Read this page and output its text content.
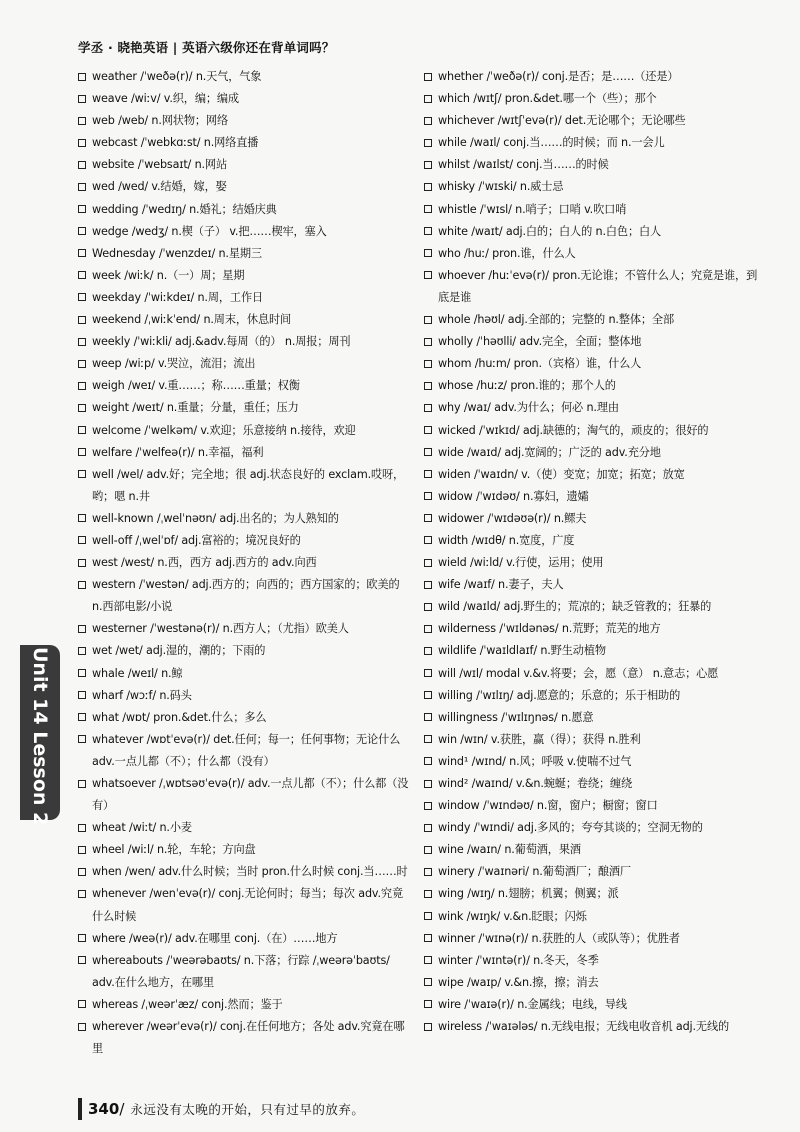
学丞 · 晓艳英语 | 英语六级你还在背单词吗？
weather /ˈweðə(r)/ n.天气，气象
weave /wiːv/ v.织，编；编成
web /web/ n.网状物；网络
webcast /ˈwebkɑːst/ n.网络直播
website /ˈwebsaɪt/ n.网站
wed /wed/ v.结婚，嫁，娶
wedding /ˈwedɪŋ/ n.婚礼；结婚庆典
wedge /wedʒ/ n.楔（子） v.把……楔牢，塞入
Wednesday /ˈwenzdeɪ/ n.星期三
week /wiːk/ n.（一）周；星期
weekday /ˈwiːkdeɪ/ n.周，工作日
weekend /ˌwiːkˈend/ n.周末，休息时间
weekly /ˈwiːkli/ adj.&adv.每周（的） n.周报；周刊
weep /wiːp/ v.哭泣，流泪；流出
weigh /weɪ/ v.重……；称……重量；权衡
weight /weɪt/ n.重量；分量，重任；压力
welcome /ˈwelkəm/ v.欢迎；乐意接纳 n.接待，欢迎
welfare /ˈwelfeə(r)/ n.幸福，福利
well /wel/ adv.好；完全地；很 adj.状态良好的 exclam.哎呀，哟；嗯 n.井
well-known /ˌwelˈnəʊn/ adj.出名的；为人熟知的
well-off /ˌwelˈɒf/ adj.富裕的；境况良好的
west /west/ n.西，西方 adj.西方的 adv.向西
western /ˈwestən/ adj.西方的；向西的；西方国家的；欧美的 n.西部电影/小说
westerner /ˈwestənə(r)/ n.西方人；（尤指）欧美人
wet /wet/ adj.湿的，潮的；下雨的
whale /weɪl/ n.鲸
wharf /wɔːf/ n.码头
what /wɒt/ pron.&det.什么；多么
whatever /wɒtˈevə(r)/ det.任何；每一；任何事物；无论什么 adv.一点儿都（不）；什么都（没有）
whatsoever /ˌwɒtsəʊˈevə(r)/ adv.一点儿都（不）；什么都（没有）
wheat /wiːt/ n.小麦
wheel /wiːl/ n.轮，车轮；方向盘
when /wen/ adv.什么时候；当时 pron.什么时候 conj.当……时
whenever /wenˈevə(r)/ conj.无论何时；每当；每次 adv.究竟什么时候
where /weə(r)/ adv.在哪里 conj.（在）……地方
whereabouts /ˈweərəbaʊts/ n.下落；行踪 /ˌweərəˈbaʊts/ adv.在什么地方，在哪里
whereas /ˌweərˈæz/ conj.然而；鉴于
wherever /weərˈevə(r)/ conj.在任何地方；各处 adv.究竟在哪里
whether /ˈweðə(r)/ conj.是否；是……（还是）
which /wɪtʃ/ pron.&det.哪一个（些）；那个
whichever /wɪtʃˈevə(r)/ det.无论哪个；无论哪些
while /waɪl/ conj.当……的时候；而 n.一会儿
whilst /waɪlst/ conj.当……的时候
whisky /ˈwɪski/ n.威士忌
whistle /ˈwɪsl/ n.哨子；口哨 v.吹口哨
white /waɪt/ adj.白的；白人的 n.白色；白人
who /huː/ pron.谁，什么人
whoever /huːˈevə(r)/ pron.无论谁；不管什么人；究竟是谁，到底是谁
whole /həʊl/ adj.全部的；完整的 n.整体；全部
wholly /ˈhəʊlli/ adv.完全，全面；整体地
whom /huːm/ pron.（宾格）谁，什么人
whose /huːz/ pron.谁的；那个人的
why /waɪ/ adv.为什么；何必 n.理由
wicked /ˈwɪkɪd/ adj.缺德的；淘气的，顽皮的；很好的
wide /waɪd/ adj.宽阔的；广泛的 adv.充分地
widen /ˈwaɪdn/ v.（使）变宽；加宽；拓宽；放宽
widow /ˈwɪdəʊ/ n.寡妇，遗孀
widower /ˈwɪdəʊə(r)/ n.鳏夫
width /wɪdθ/ n.宽度，广度
wield /wiːld/ v.行使，运用；使用
wife /waɪf/ n.妻子，夫人
wild /waɪld/ adj.野生的；荒凉的；缺乏管教的；狂暴的
wilderness /ˈwɪldənəs/ n.荒野；荒芜的地方
wildlife /ˈwaɪldlaɪf/ n.野生动植物
will /wɪl/ modal v.&v.将要；会，愿（意） n.意志；心愿
willing /ˈwɪlɪŋ/ adj.愿意的；乐意的；乐于相助的
willingness /ˈwɪlɪŋnəs/ n.愿意
win /wɪn/ v.获胜，赢（得）；获得 n.胜利
wind¹ /wɪnd/ n.风；呼吸 v.使喘不过气
wind² /waɪnd/ v.&n.蜿蜒；卷绕；缠绕
window /ˈwɪndəʊ/ n.窗，窗户；橱窗；窗口
windy /ˈwɪndi/ adj.多风的；夸夸其谈的；空洞无物的
wine /waɪn/ n.葡萄酒，果酒
winery /ˈwaɪnəri/ n.葡萄酒厂；酿酒厂
wing /wɪŋ/ n.翅膀；机翼；侧翼；派
wink /wɪŋk/ v.&n.眨眼；闪烁
winner /ˈwɪnə(r)/ n.获胜的人（或队等）；优胜者
winter /ˈwɪntə(r)/ n.冬天，冬季
wipe /waɪp/ v.&n.擦，擦；消去
wire /ˈwaɪə(r)/ n.金属线；电线，导线
wireless /ˈwaɪələs/ n.无线电报；无线电收音机 adj.无线的
Unit 14 Lesson 2
340 / 永远没有太晚的开始，只有过早的放弃。
